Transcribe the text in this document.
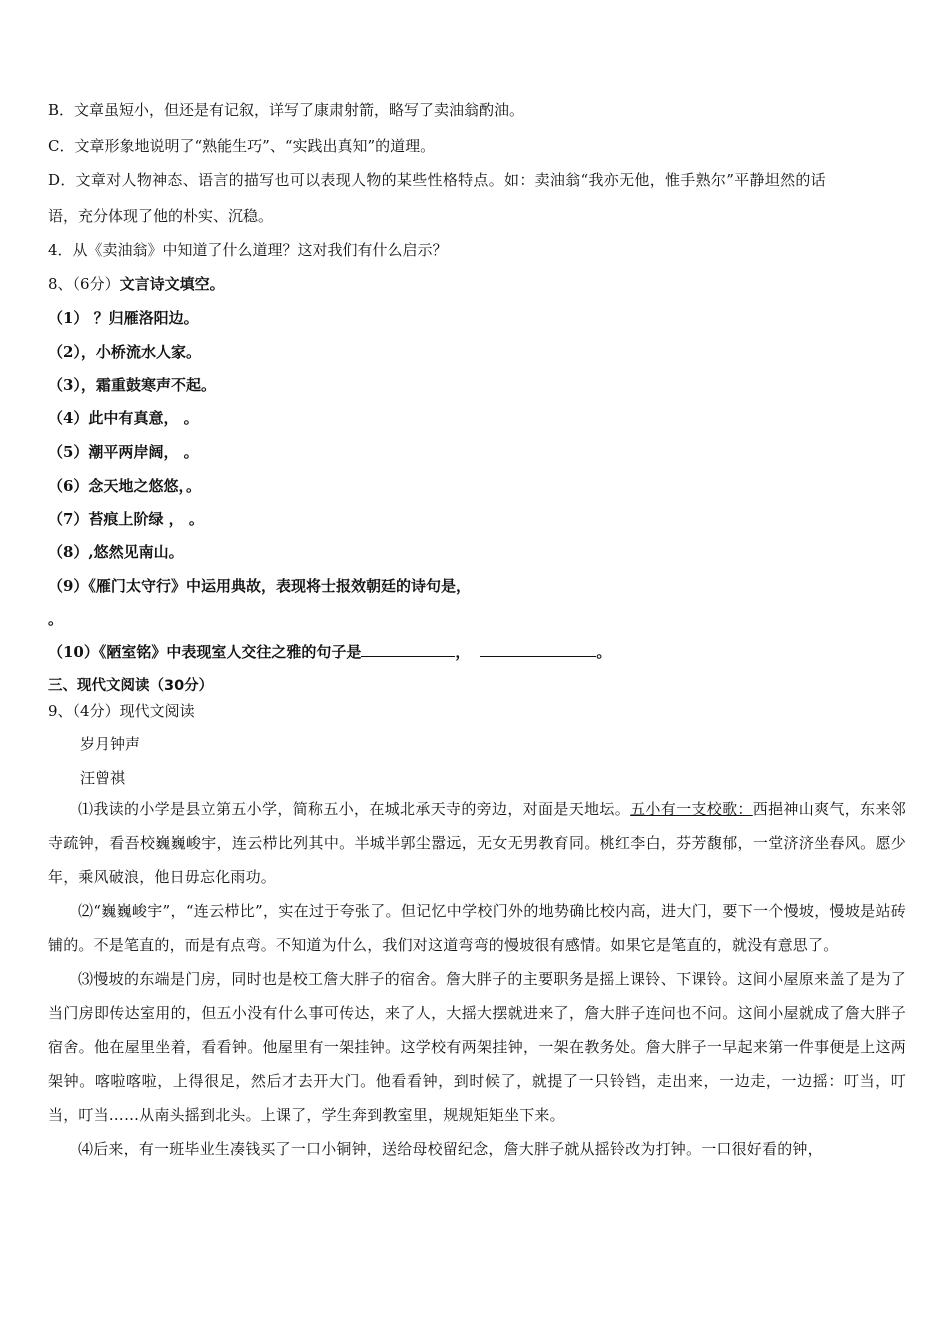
B．文章虽短小，但还是有记叙，详写了康肃射箭，略写了卖油翁酌油。
C．文章形象地说明了“熟能生巧”、“实践出真知”的道理。
D．文章对人物神态、语言的描写也可以表现人物的某些性格特点。如：卖油翁“我亦无他，惟手熟尔”平静坦然的话
语，充分体现了他的朴实、沉稳。
4．从《卖油翁》中知道了什么道理？这对我们有什么启示？
8、（6分）文言诗文填空。
（1） ？归雁洛阳边。
（2），小桥流水人家。
（3），霜重鼓寒声不起。
（4）此中有真意， 。
（5）潮平两岸阔， 。
（6）念天地之悠悠，。
（7）苔痕上阶绿 ， 。
（8）,悠然见南山。
（9）《雁门太守行》中运用典故，表现将士报效朝廷的诗句是，
。
（10）《陋室铭》中表现室人交往之雅的句子是	，	。
三、现代文阅读（30分）
9、（4分）现代文阅读
岁月钟声
汪曾祺

⑴我读的小学是县立第五小学，简称五小，在城北承天寺的旁边，对面是天地坛。五小有一支校歌：西挹神山爽气，东来邻寺疏钟，看吾校巍巍峻宇，连云栉比列其中。半城半郭尘嚣远，无女无男教育同。桃红李白，芬芳馥郁，一堂济济坐春风。愿少年，乘风破浪，他日毋忘化雨功。

⑵“巍巍峻宇”，“连云栉比”，实在过于夸张了。但记忆中学校门外的地势确比校内高，进大门，要下一个慢坡，慢坡是站砖铺的。不是笔直的，而是有点弯。不知道为什么，我们对这道弯弯的慢坡很有感情。如果它是笔直的，就没有意思了。

⑶慢坡的东端是门房，同时也是校工詹大胖子的宿舍。詹大胖子的主要职务是摇上课铃、下课铃。这间小屋原来盖了是为了当门房即传达室用的，但五小没有什么事可传达，来了人，大摇大摆就进来了，詹大胖子连问也不问。这间小屋就成了詹大胖子宿舍。他在屋里坐着，看看钟。他屋里有一架挂钟。这学校有两架挂钟，一架在教务处。詹大胖子一早起来第一件事便是上这两架钟。喀啦喀啦，上得很足，然后才去开大门。他看看钟，到时候了，就提了一只铃铛，走出来，一边走，一边摇：叮当，叮当，叮当……从南头摇到北头。上课了，学生奔到教室里，规规矩矩坐下来。

⑷后来，有一班毕业生凑钱买了一口小铜钟，送给母校留纪念，詹大胖子就从摇铃改为打钟。一口很好看的钟，
